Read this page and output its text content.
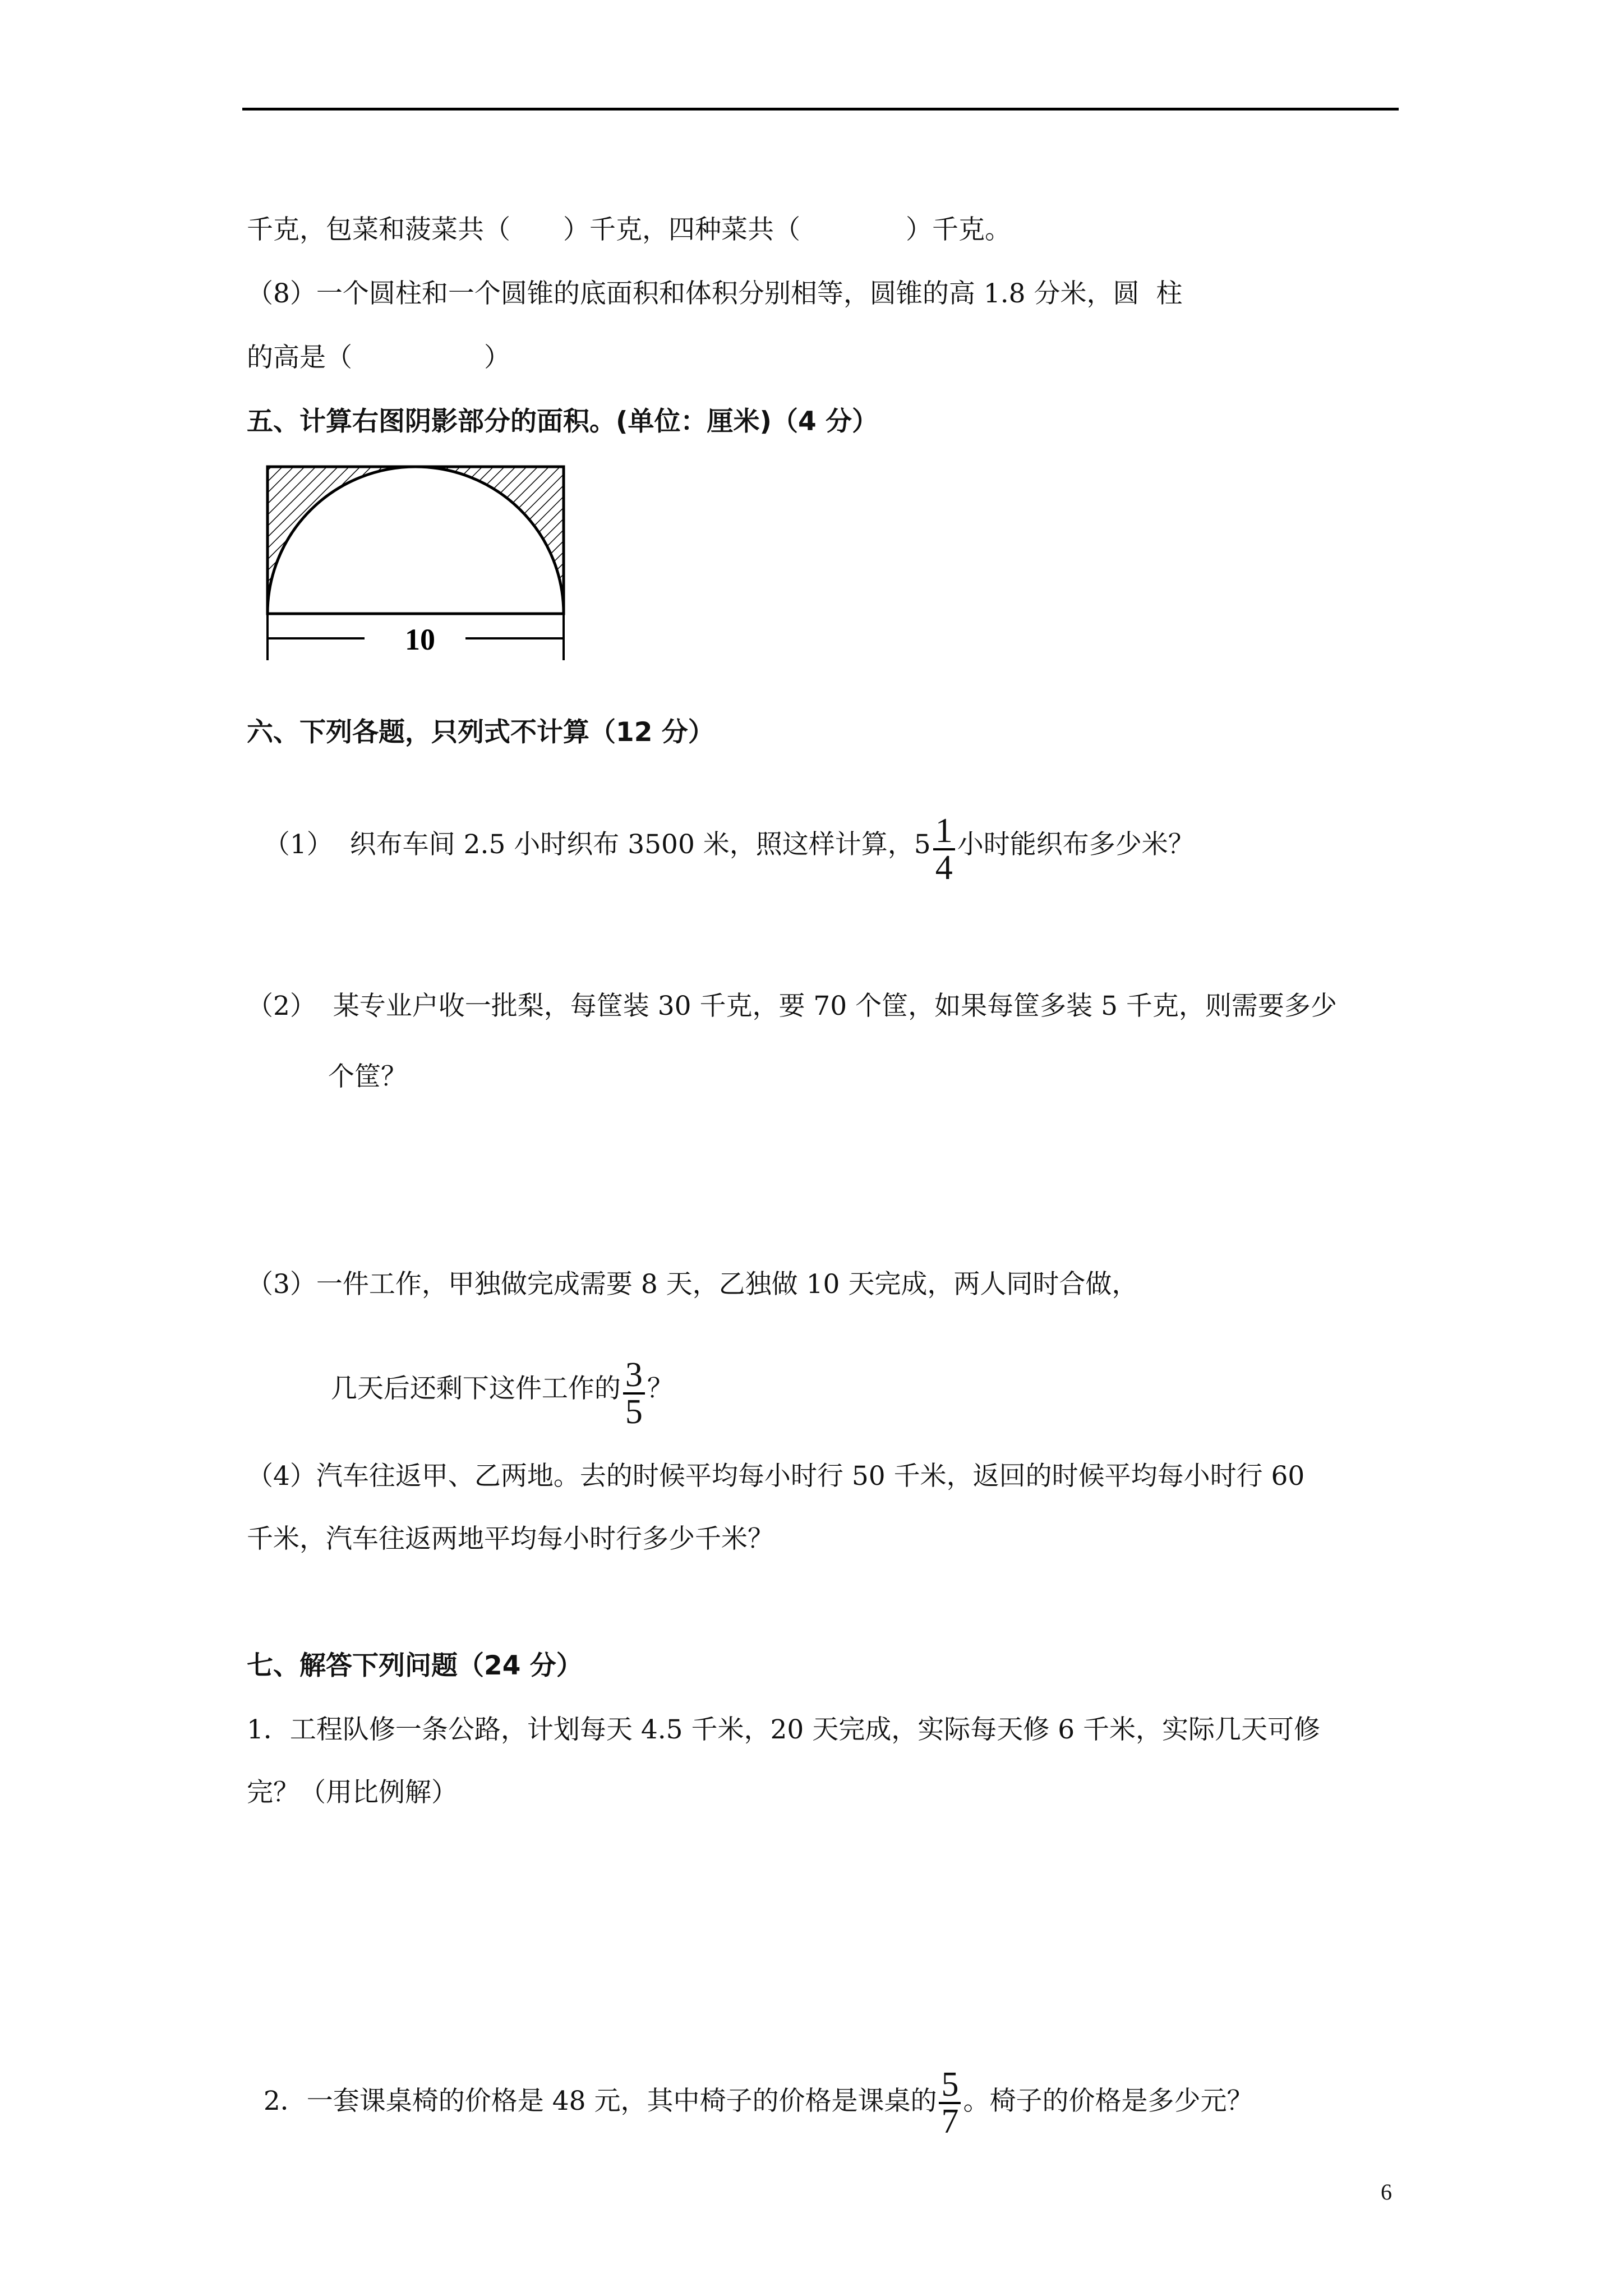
千克，包菜和菠菜共（　　）千克，四种菜共（　　　　）千克。
（8）一个圆柱和一个圆锥的底面积和体积分别相等，圆锥的高 1.8 分米，圆  柱
的高是（　　　　　）
五、计算右图阴影部分的面积。(单位：厘米)（4 分）
10
六、下列各题，只列式不计算（12 分）

（1）  织布车间 2.5 小时织布 3500 米，照这样计算，$5 \frac{1}{4}$ 小时能织布多少米？

（2）  某专业户收一批梨，每筐装 30 千克，要 70 个筐，如果每筐多装 5 千克，则需要多少
个筐？
（3）一件工作，甲独做完成需要 8 天，乙独做 10 天完成，两人同时合做，

几天后还剩下这件工作的 $\frac{3}{5}$ ？

（4）汽车往返甲、乙两地。去的时候平均每小时行 50 千米，返回的时候平均每小时行 60
千米，汽车往返两地平均每小时行多少千米？
七、解答下列问题（24 分）
1．工程队修一条公路，计划每天 4.5 千米，20 天完成，实际每天修 6 千米，实际几天可修
完？（用比例解）

2．一套课桌椅的价格是 48 元，其中椅子的价格是课桌的 $\frac{5}{7}$ 。椅子的价格是多少元？

6
